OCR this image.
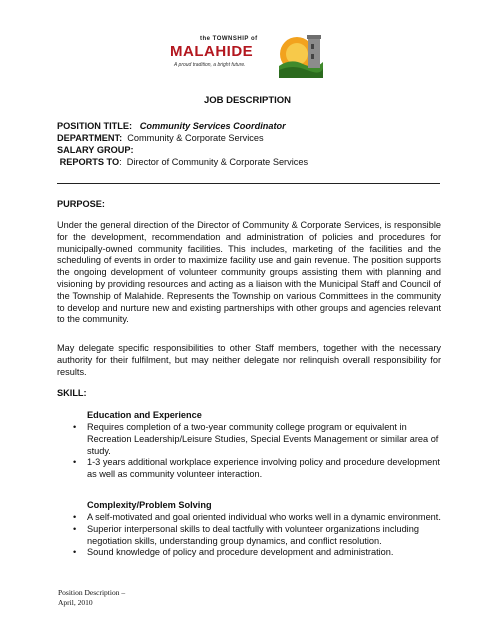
the TOWNSHIP of
MALAHIDE
A proud tradition, a bright future.
JOB DESCRIPTION
POSITION TITLE: Community Services Coordinator
DEPARTMENT: Community & Corporate Services
SALARY GROUP:
REPORTS TO:  Director of Community & Corporate Services
PURPOSE:

Under the general direction of the Director of Community & Corporate Services, is responsible for the development, recommendation and administration of policies and procedures for municipally-owned community facilities. This includes, marketing of the facilities and the scheduling of events in order to maximize facility use and gain revenue. The position supports the ongoing development of volunteer community groups assisting them with planning and visioning by providing resources and acting as a liaison with the Municipal Staff and Council of the Township of Malahide. Represents the Township on various Committees in the community to develop and nurture new and existing partnerships with other groups and agencies relevant to the community.

May delegate specific responsibilities to other Staff members, together with the necessary authority for their fulfilment, but may neither delegate nor relinquish overall responsibility for results.

SKILL:
Education and Experience
• Requires completion of a two-year community college program or equivalent in Recreation Leadership/Leisure Studies, Special Events Management or similar area of study.
• 1-3 years additional workplace experience involving policy and procedure development as well as community volunteer interaction.
Complexity/Problem Solving
• A self-motivated and goal oriented individual who works well in a dynamic environment.
• Superior interpersonal skills to deal tactfully with volunteer organizations including negotiation skills, understanding group dynamics, and conflict resolution.
• Sound knowledge of policy and procedure development and administration.
Position Description –
April, 2010
